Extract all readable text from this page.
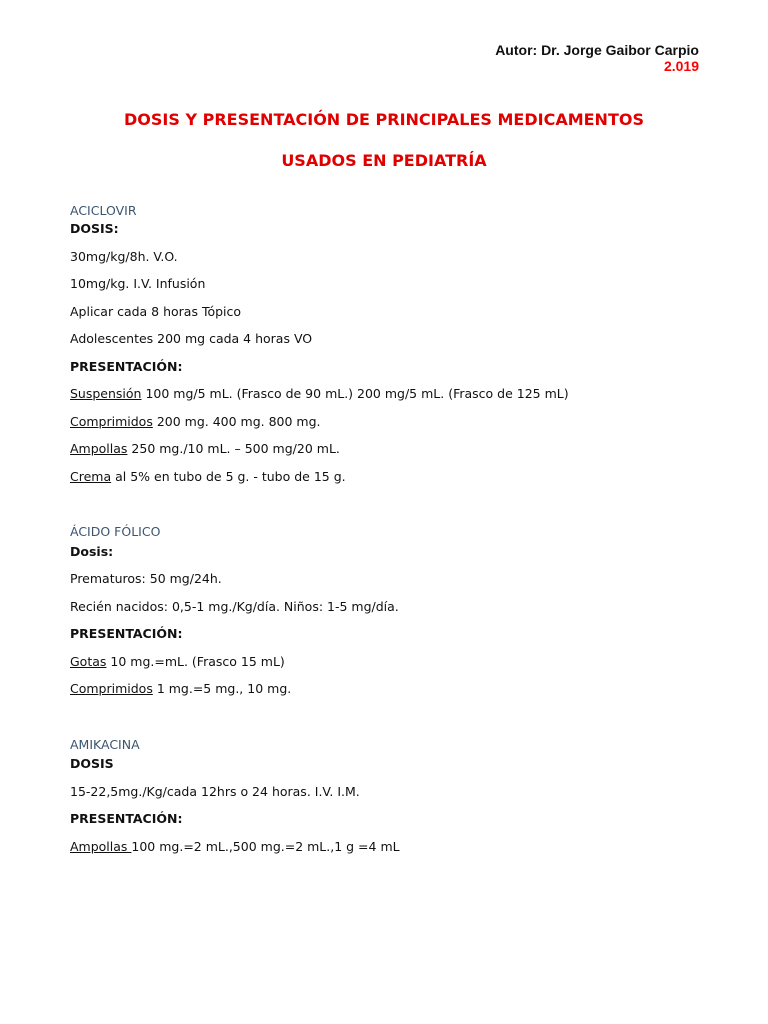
Autor: Dr. Jorge Gaibor Carpio
2.019
DOSIS Y PRESENTACIÓN DE PRINCIPALES MEDICAMENTOS
USADOS EN PEDIATRÍA
ACICLOVIR
DOSIS:
30mg/kg/8h. V.O.
10mg/kg. I.V. Infusión
Aplicar cada 8 horas Tópico
Adolescentes 200 mg cada 4 horas VO
PRESENTACIÓN:
Suspensión 100 mg/5 mL. (Frasco de 90 mL.) 200 mg/5 mL. (Frasco de 125 mL)
Comprimidos 200 mg. 400 mg. 800 mg.
Ampollas 250 mg./10 mL. – 500 mg/20 mL.
Crema al 5% en tubo de 5 g. - tubo de 15 g.
ÁCIDO FÓLICO
Dosis:
Prematuros: 50 mg/24h.
Recién nacidos: 0,5-1 mg./Kg/día. Niños: 1-5 mg/día.
PRESENTACIÓN:
Gotas 10 mg.=mL. (Frasco 15 mL)
Comprimidos 1 mg.=5 mg., 10 mg.
AMIKACINA
DOSIS
15-22,5mg./Kg/cada 12hrs o 24 horas. I.V. I.M.
PRESENTACIÓN:
Ampollas 100 mg.=2 mL.,500 mg.=2 mL.,1 g =4 mL
